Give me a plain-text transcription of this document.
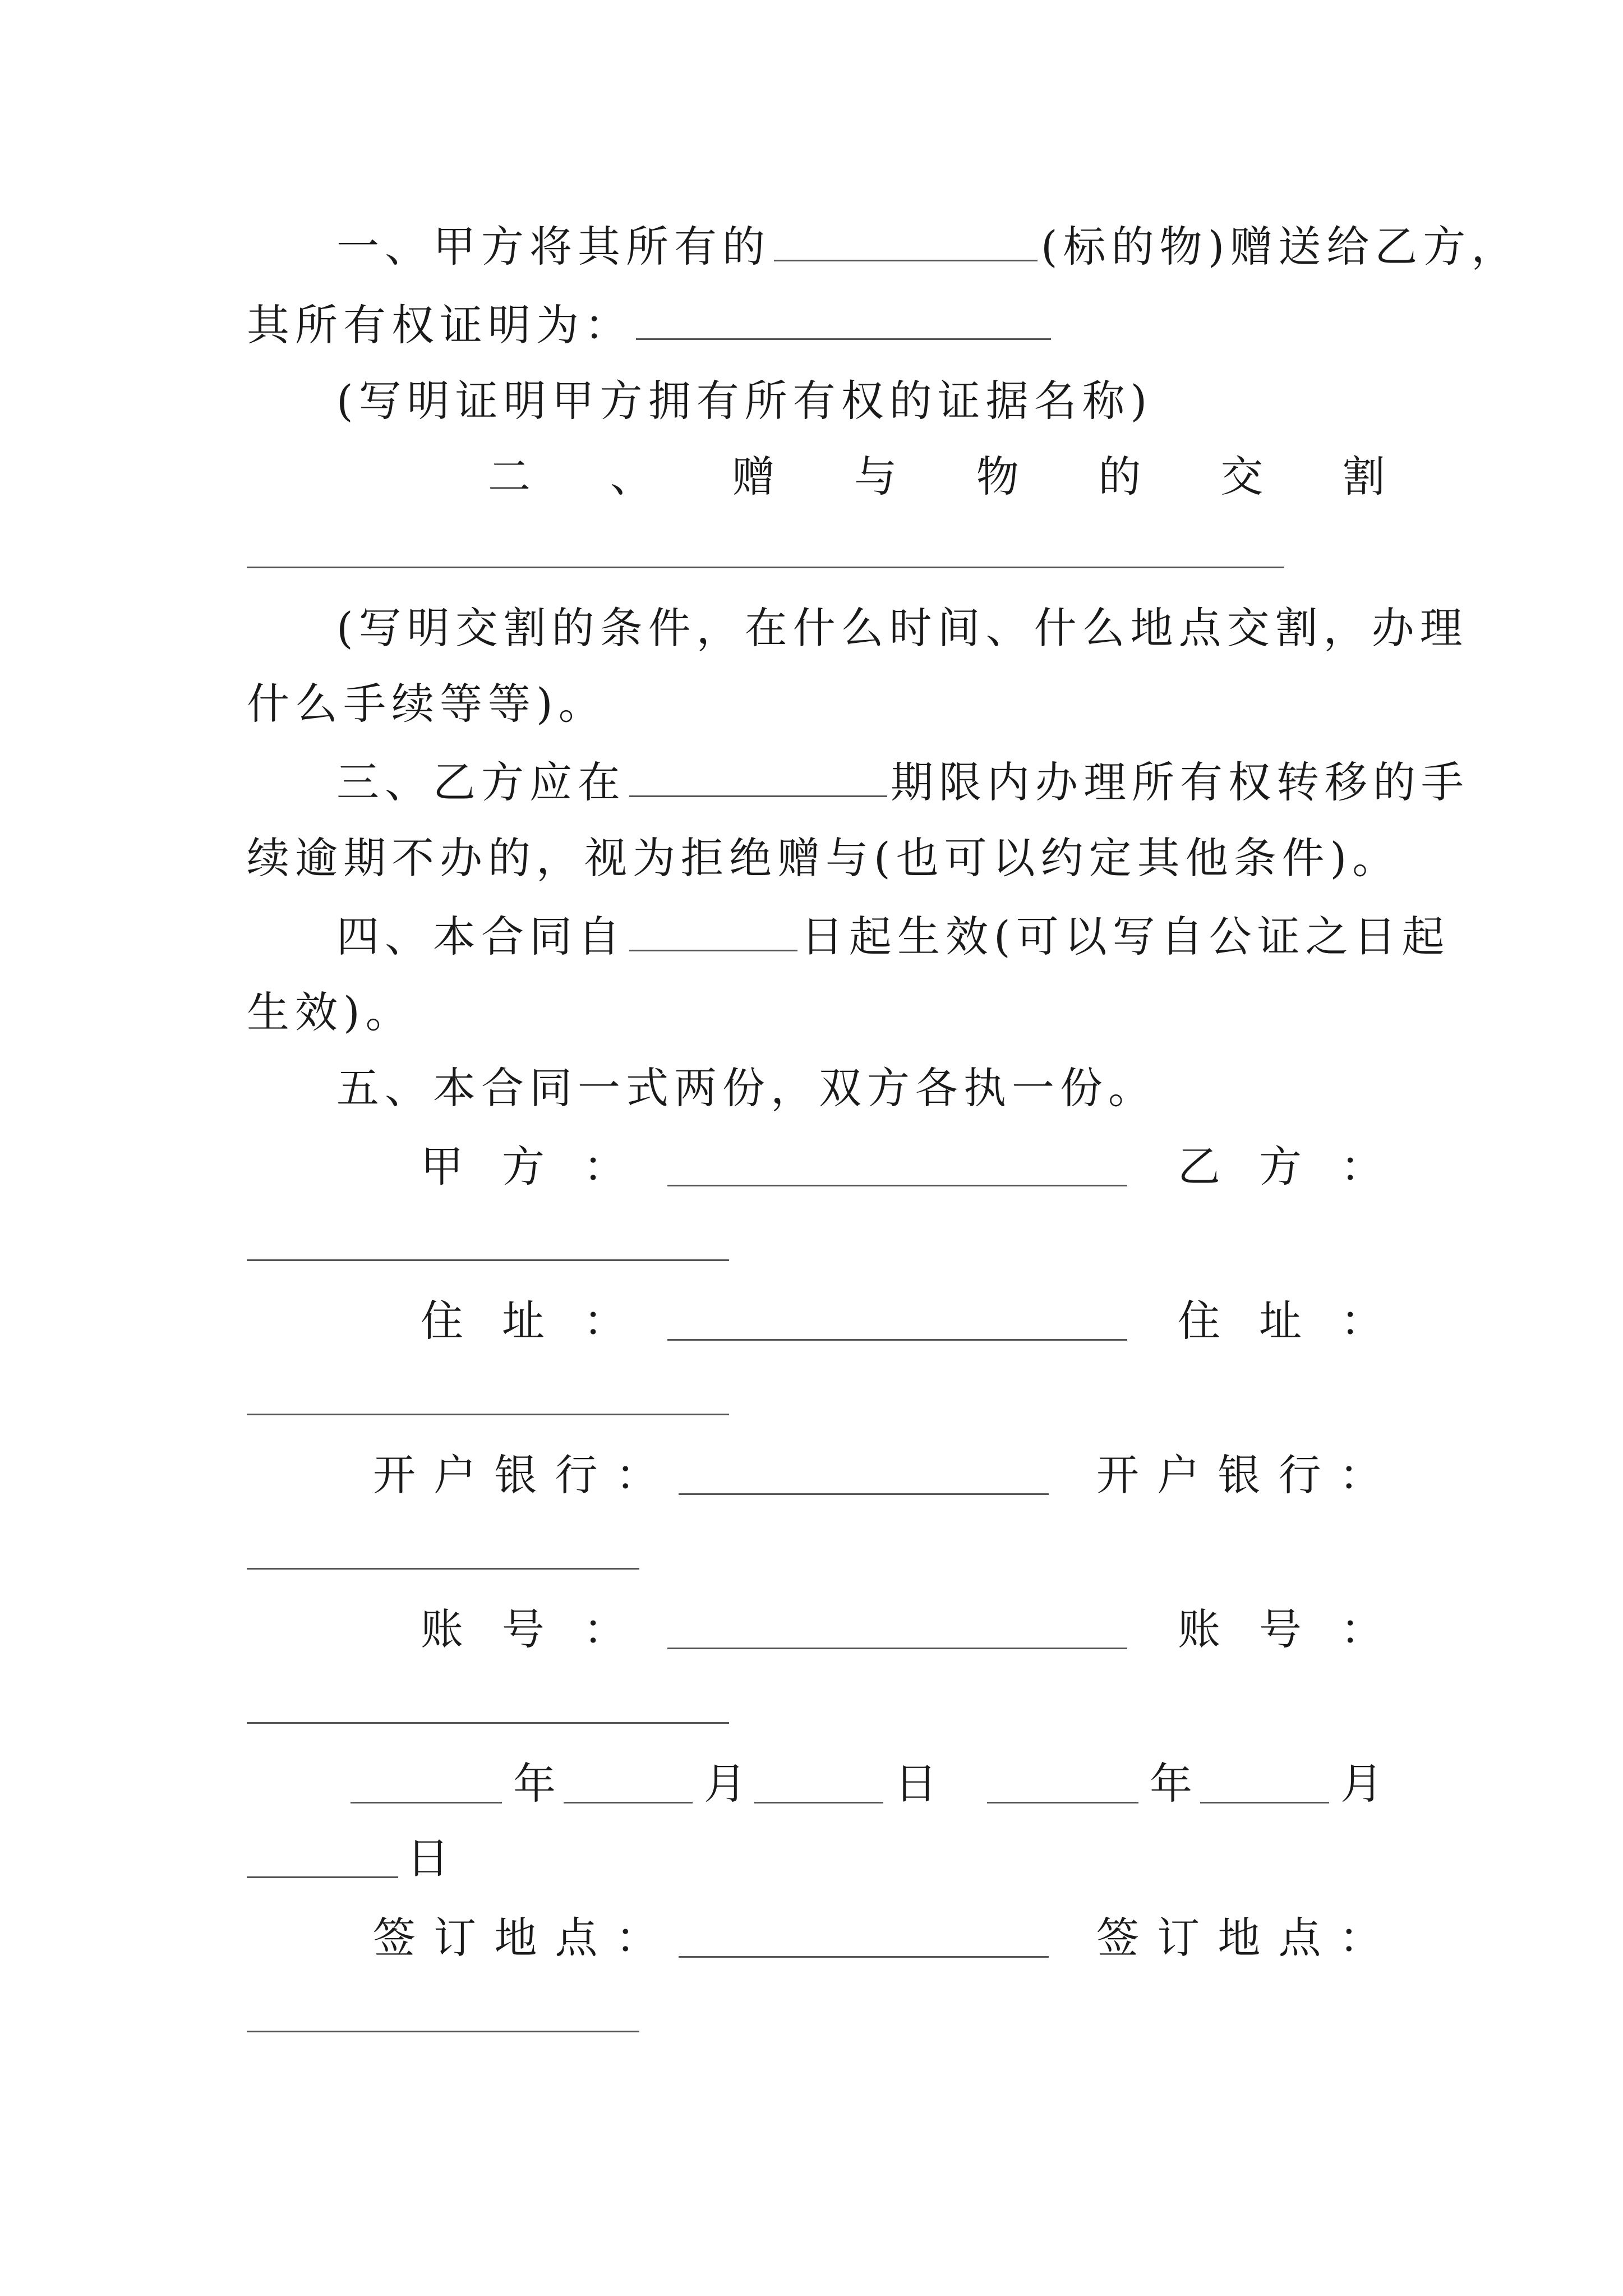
一、甲方将其所有的	(标的物)赠送给乙方，
其所有权证明为：
(写明证明甲方拥有所有权的证据名称)
二 、 赠 与 物 的 交 割
(写明交割的条件，在什么时间、什么地点交割，办理
什么手续等等)。
三、乙方应在	期限内办理所有权转移的手
续逾期不办的，视为拒绝赠与(也可以约定其他条件)。
四、本合同自	日起生效(可以写自公证之日起
生效)。
五、本合同一式两份，双方各执一份。
甲 方 ：	乙 方 ：
住 址 ：	住 址 ：
开 户 银 行 ：	开 户 银 行 ：
账 号 ：	账 号 ：
年	月	日	年	月
日
签 订 地 点 ：	签 订 地 点 ：
